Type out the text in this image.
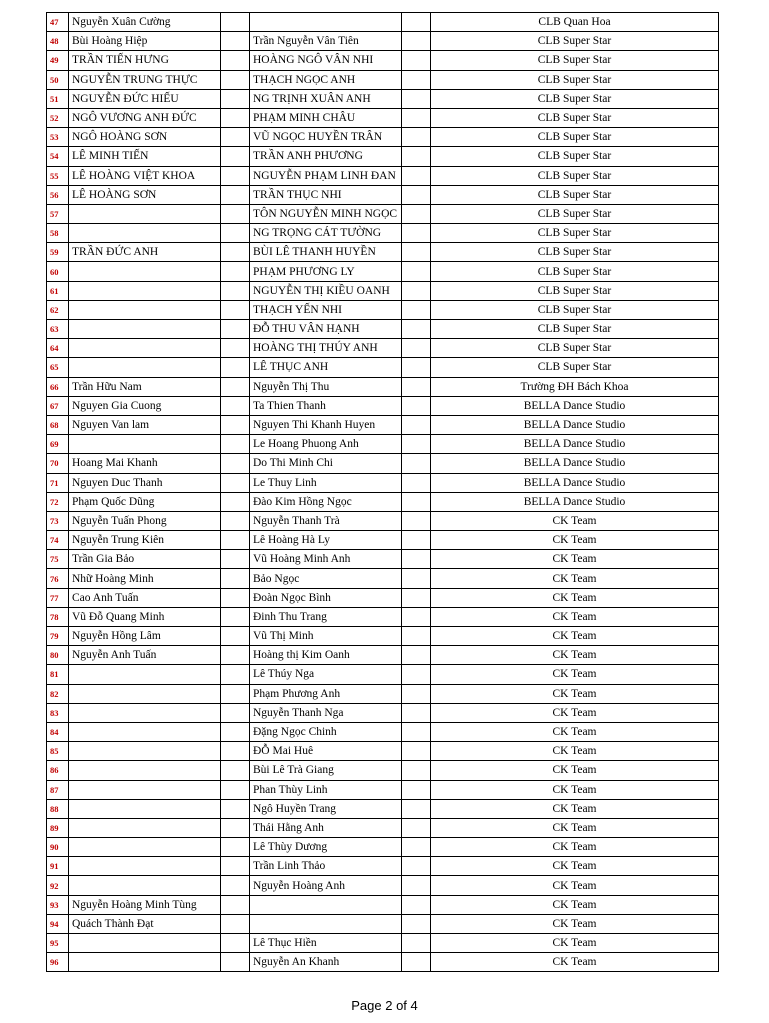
47	Nguyễn Xuân Cường				CLB Quan Hoa
48	Bùi Hoàng Hiệp		Trần Nguyễn Vân Tiên		CLB Super Star
49	TRẦN TIẾN HƯNG		HOÀNG NGÔ VÂN NHI		CLB Super Star
50	NGUYỄN TRUNG THỰC		THẠCH NGỌC ANH		CLB Super Star
51	NGUYỄN ĐỨC HIẾU		NG TRỊNH XUÂN ANH		CLB Super Star
52	NGÔ VƯƠNG ANH ĐỨC		PHẠM MINH CHÂU		CLB Super Star
53	NGÔ HOÀNG SƠN		VŨ NGỌC HUYỀN TRÂN		CLB Super Star
54	LÊ MINH TIẾN		TRẦN ANH PHƯƠNG		CLB Super Star
55	LÊ HOÀNG VIỆT KHOA		NGUYỄN PHẠM LINH ĐAN		CLB Super Star
56	LÊ HOÀNG SƠN		TRẦN THỤC NHI		CLB Super Star
57			TÔN NGUYỄN MINH NGỌC		CLB Super Star
58			NG TRỌNG CÁT TƯỜNG		CLB Super Star
59	TRẦN ĐỨC ANH		BÙI LÊ THANH HUYỀN		CLB Super Star
60			PHẠM PHƯƠNG LY		CLB Super Star
61			NGUYỄN THỊ KIỀU OANH		CLB Super Star
62			THẠCH YẾN NHI		CLB Super Star
63			ĐỖ THU VÂN HẠNH		CLB Super Star
64			HOÀNG THỊ THÚY ANH		CLB Super Star
65			LÊ THỤC ANH		CLB Super Star
66	Trần Hữu Nam		Nguyễn Thị Thu		Trường ĐH Bách Khoa
67	Nguyen Gia Cuong		Ta Thien Thanh		BELLA Dance Studio
68	Nguyen Van lam		Nguyen Thi Khanh Huyen		BELLA Dance Studio
69			Le Hoang Phuong Anh		BELLA Dance Studio
70	Hoang Mai Khanh		Do Thi Minh Chi		BELLA Dance Studio
71	Nguyen Duc Thanh		Le Thuy Linh		BELLA Dance Studio
72	Phạm Quốc Dũng		Đào Kim Hồng Ngọc		BELLA Dance Studio
73	Nguyễn Tuấn Phong		Nguyễn Thanh Trà		CK Team
74	Nguyễn Trung Kiên		Lê Hoàng Hà Ly		CK Team
75	Trần Gia Bảo		Vũ Hoàng Minh Anh		CK Team
76	Nhữ Hoàng Minh		Bảo Ngọc		CK Team
77	Cao Anh Tuấn		Đoàn Ngọc Bình		CK Team
78	Vũ Đỗ Quang Minh		Đinh Thu Trang		CK Team
79	Nguyễn Hồng Lâm		Vũ Thị Minh		CK Team
80	Nguyễn Anh Tuấn		Hoàng thị Kim Oanh		CK Team
81			Lê Thúy Nga		CK Team
82			Phạm Phương Anh		CK Team
83			Nguyễn Thanh Nga		CK Team
84			Đặng Ngọc Chinh		CK Team
85			ĐỖ Mai Huê		CK Team
86			Bùi Lê Trà Giang		CK Team
87			Phan Thùy Linh		CK Team
88			Ngô Huyền Trang		CK Team
89			Thái Hằng Anh		CK Team
90			Lê Thùy Dương		CK Team
91			Trần Linh Thảo		CK Team
92			Nguyễn Hoàng Anh		CK Team
93	Nguyễn Hoàng Minh Tùng				CK Team
94	Quách Thành Đạt				CK Team
95			Lê Thục Hiền		CK Team
96			Nguyễn An Khanh		CK Team
Page 2 of 4
